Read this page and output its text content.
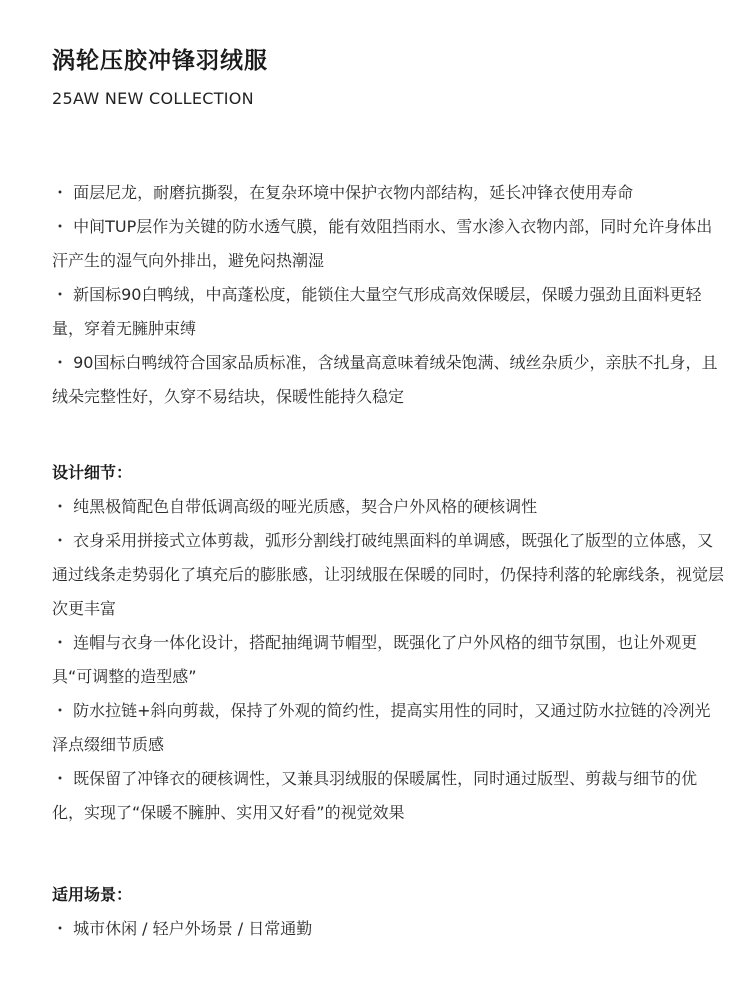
涡轮压胶冲锋羽绒服
25AW NEW COLLECTION

・ 面层尼龙，耐磨抗撕裂，在复杂环境中保护衣物内部结构，延长冲锋衣使用寿命

・ 中间TUP层作为关键的防水透气膜，能有效阻挡雨水、雪水渗入衣物内部，同时允许身体出汗产生的湿气向外排出，避免闷热潮湿

・ 新国标90白鸭绒，中高蓬松度，能锁住大量空气形成高效保暖层，保暖力强劲且面料更轻量，穿着无臃肿束缚

・ 90国标白鸭绒符合国家品质标准，含绒量高意味着绒朵饱满、绒丝杂质少，亲肤不扎身，且绒朵完整性好，久穿不易结块，保暖性能持久稳定

设计细节：

・ 纯黑极简配色自带低调高级的哑光质感，契合户外风格的硬核调性

・ 衣身采用拼接式立体剪裁，弧形分割线打破纯黑面料的单调感，既强化了版型的立体感，又通过线条走势弱化了填充后的膨胀感，让羽绒服在保暖的同时，仍保持利落的轮廓线条，视觉层次更丰富

・ 连帽与衣身一体化设计，搭配抽绳调节帽型，既强化了户外风格的细节氛围，也让外观更具“可调整的造型感”

・ 防水拉链+斜向剪裁，保持了外观的简约性，提高实用性的同时，又通过防水拉链的冷冽光泽点缀细节质感

・ 既保留了冲锋衣的硬核调性，又兼具羽绒服的保暖属性，同时通过版型、剪裁与细节的优化，实现了“保暖不臃肿、实用又好看”的视觉效果

适用场景：

・ 城市休闲 / 轻户外场景 / 日常通勤
